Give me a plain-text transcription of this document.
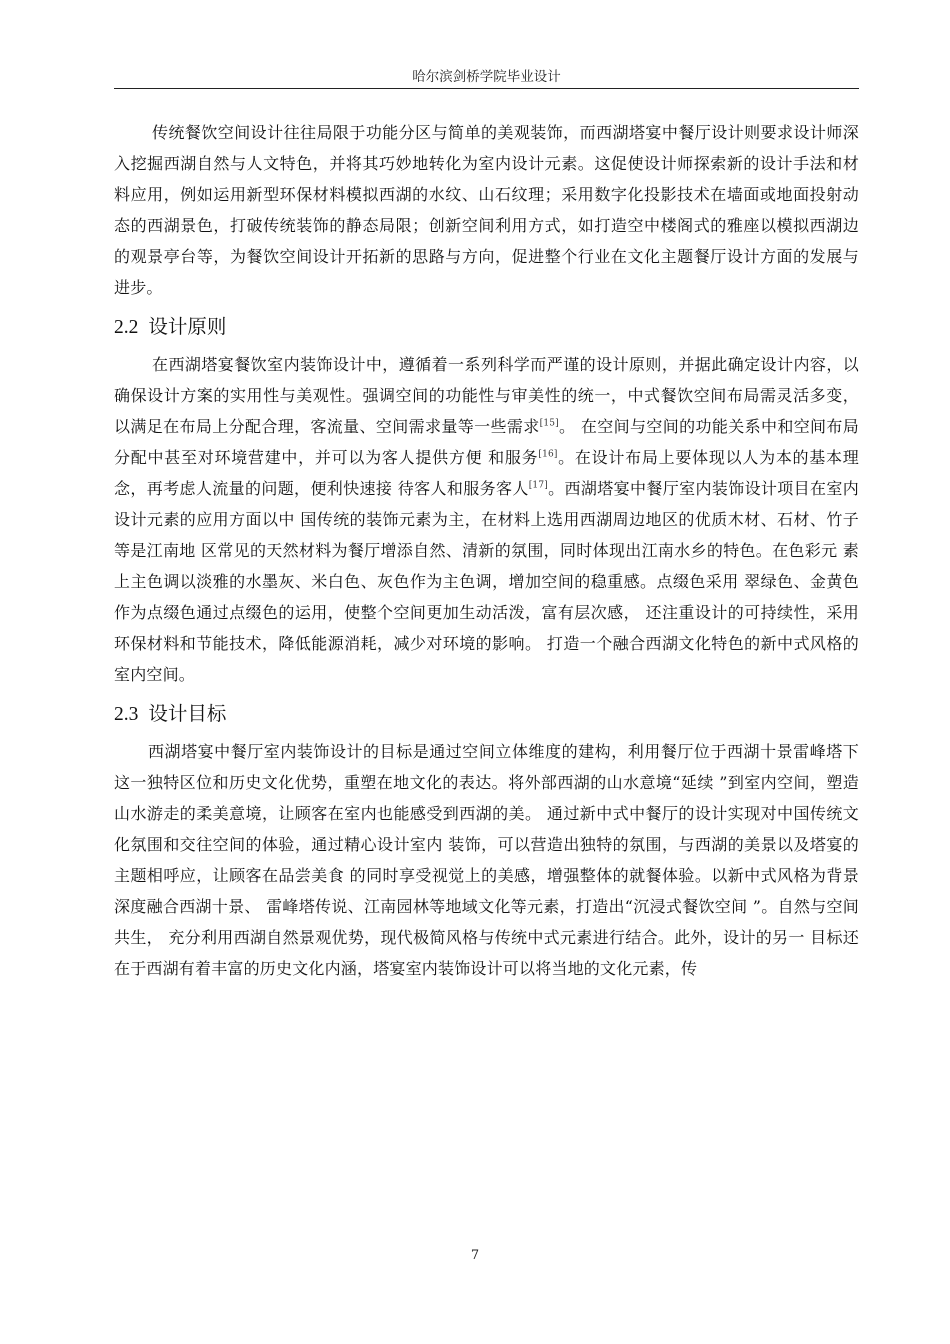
哈尔滨剑桥学院毕业设计

传统餐饮空间设计往往局限于功能分区与简单的美观装饰，而西湖塔宴中餐厅设计则要求设计师深入挖掘西湖自然与人文特色，并将其巧妙地转化为室内设计元素。这促使设计师探索新的设计手法和材料应用，例如运用新型环保材料模拟西湖的水纹、山石纹理；采用数字化投影技术在墙面或地面投射动态的西湖景色，打破传统装饰的静态局限；创新空间利用方式，如打造空中楼阁式的雅座以模拟西湖边的观景亭台等，为餐饮空间设计开拓新的思路与方向，促进整个行业在文化主题餐厅设计方面的发展与进步。

2.2 设计原则

在西湖塔宴餐饮室内装饰设计中，遵循着一系列科学而严谨的设计原则，并据此确定设计内容，以确保设计方案的实用性与美观性。强调空间的功能性与审美性的统一，中式餐饮空间布局需灵活多变，以满足在布局上分配合理，客流量、空间需求量等一些需求[15]。 在空间与空间的功能关系中和空间布局分配中甚至对环境营建中，并可以为客人提供方便 和服务[16]。在设计布局上要体现以人为本的基本理念，再考虑人流量的问题，便利快速接 待客人和服务客人[17]。西湖塔宴中餐厅室内装饰设计项目在室内设计元素的应用方面以中 国传统的装饰元素为主，在材料上选用西湖周边地区的优质木材、石材、竹子等是江南地 区常见的天然材料为餐厅增添自然、清新的氛围，同时体现出江南水乡的特色。在色彩元 素上主色调以淡雅的水墨灰、米白色、灰色作为主色调，增加空间的稳重感。点缀色采用 翠绿色、金黄色作为点缀色通过点缀色的运用，使整个空间更加生动活泼，富有层次感， 还注重设计的可持续性，采用环保材料和节能技术，降低能源消耗，减少对环境的影响。 打造一个融合西湖文化特色的新中式风格的室内空间。

2.3 设计目标

西湖塔宴中餐厅室内装饰设计的目标是通过空间立体维度的建构，利用餐厅位于西湖十景雷峰塔下这一独特区位和历史文化优势，重塑在地文化的表达。将外部西湖的山水意境“延续 ”到室内空间，塑造山水游走的柔美意境，让顾客在室内也能感受到西湖的美。 通过新中式中餐厅的设计实现对中国传统文化氛围和交往空间的体验，通过精心设计室内 装饰，可以营造出独特的氛围，与西湖的美景以及塔宴的主题相呼应，让顾客在品尝美食 的同时享受视觉上的美感，增强整体的就餐体验。以新中式风格为背景深度融合西湖十景、 雷峰塔传说、江南园林等地域文化等元素，打造出“沉浸式餐饮空间 ”。自然与空间共生， 充分利用西湖自然景观优势，现代极简风格与传统中式元素进行结合。此外，设计的另一 目标还在于西湖有着丰富的历史文化内涵，塔宴室内装饰设计可以将当地的文化元素，传

7
